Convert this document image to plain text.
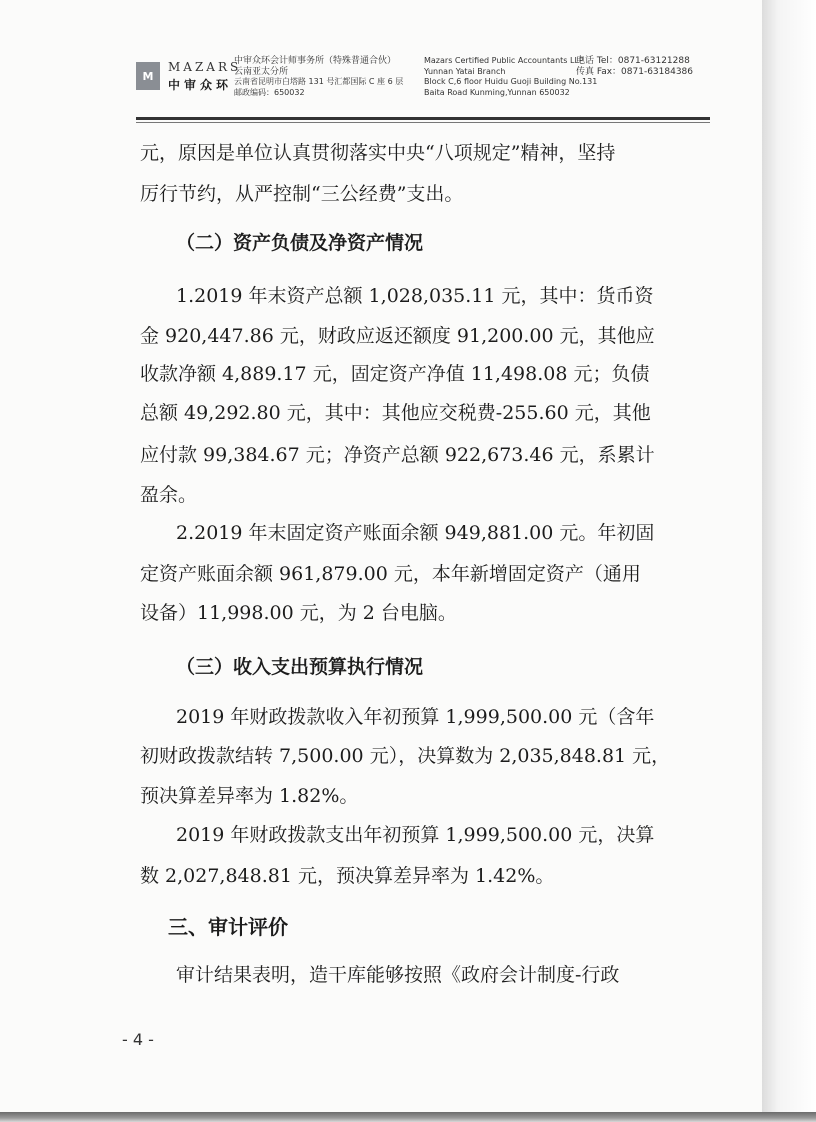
M
MAZARS
中审众环
中审众环会计师事务所（特殊普通合伙）
云南亚太分所
云南省昆明市白塔路 131 号汇都国际 C 座 6 层
邮政编码：650032
Mazars Certified Public Accountants LLP
Yunnan Yatai Branch
Block C,6 floor Huidu Guoji Building No.131
Baita Road Kunming,Yunnan 650032
电话 Tel：0871-63121288
传真 Fax：0871-63184386
元，原因是单位认真贯彻落实中央“八项规定”精神，坚持
厉行节约，从严控制“三公经费”支出。
（二）资产负债及净资产情况
1.2019 年末资产总额 1,028,035.11 元，其中：货币资
金 920,447.86 元，财政应返还额度 91,200.00 元，其他应
收款净额 4,889.17 元，固定资产净值 11,498.08 元；负债
总额 49,292.80 元，其中：其他应交税费-255.60 元，其他
应付款 99,384.67 元；净资产总额 922,673.46 元，系累计
盈余。
2.2019 年末固定资产账面余额 949,881.00 元。年初固
定资产账面余额 961,879.00 元，本年新增固定资产（通用
设备）11,998.00 元，为 2 台电脑。
（三）收入支出预算执行情况
2019 年财政拨款收入年初预算 1,999,500.00 元（含年
初财政拨款结转 7,500.00 元），决算数为 2,035,848.81 元，
预决算差异率为 1.82%。
2019 年财政拨款支出年初预算 1,999,500.00 元，决算
数 2,027,848.81 元，预决算差异率为 1.42%。
三、审计评价
审计结果表明，造干库能够按照《政府会计制度-行政
- 4 -
